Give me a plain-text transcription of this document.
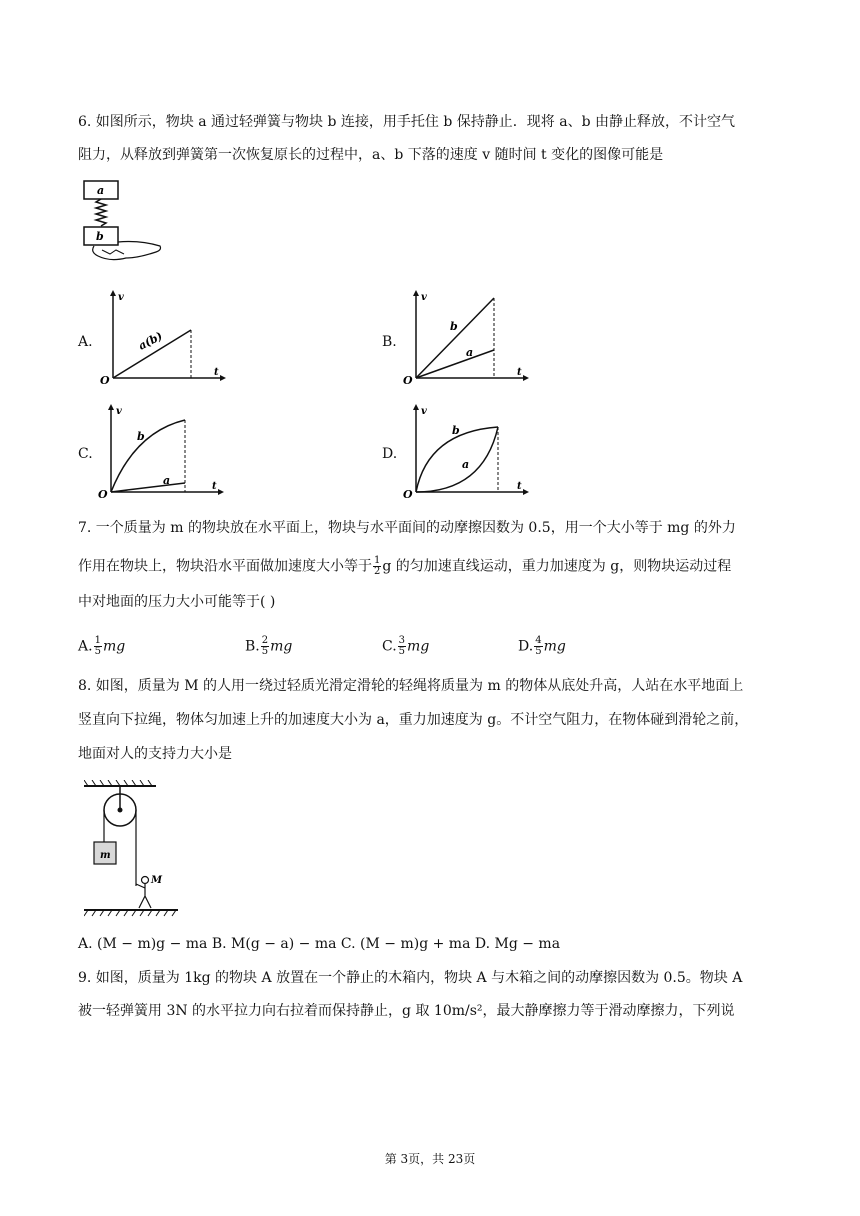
6. 如图所示，物块 a 通过轻弹簧与物块 b 连接，用手托住 b 保持静止．现将 a、b 由静止释放，不计空气
阻力，从释放到弹簧第一次恢复原长的过程中，a、b 下落的速度 v 随时间 t 变化的图像可能是
a
b
A.
v
t
O
a(b)	B.
v
t
O
b
a
C.
v
t
O
b
a
D.
v
t
O
b
a
7. 一个质量为 m 的物块放在水平面上，物块与水平面间的动摩擦因数为 0.5，用一个大小等于 mg 的外力
作用在物块上，物块沿水平面做加速度大小等于 $\frac{1}{2}$ g 的匀加速直线运动，重力加速度为 g，则物块运动过程
中对地面的压力大小可能等于( )
A. $\frac{1}{5}$ mg	B. $\frac{2}{5}$ mg	C. $\frac{3}{5}$ mg	D. $\frac{4}{5}$ mg
8. 如图，质量为 M 的人用一绕过轻质光滑定滑轮的轻绳将质量为 m 的物体从底处升高，人站在水平地面上
竖直向下拉绳，物体匀加速上升的加速度大小为 a，重力加速度为 g。不计空气阻力，在物体碰到滑轮之前，
地面对人的支持力大小是
m
M
A. (M − m)g − ma B. M(g − a) − ma C. (M − m)g + ma D. Mg − ma
9. 如图，质量为 1kg 的物块 A 放置在一个静止的木箱内，物块 A 与木箱之间的动摩擦因数为 0.5。物块 A
被一轻弹簧用 3N 的水平拉力向右拉着而保持静止，g 取 10m/s²，最大静摩擦力等于滑动摩擦力，下列说
第 3页，共 23页
